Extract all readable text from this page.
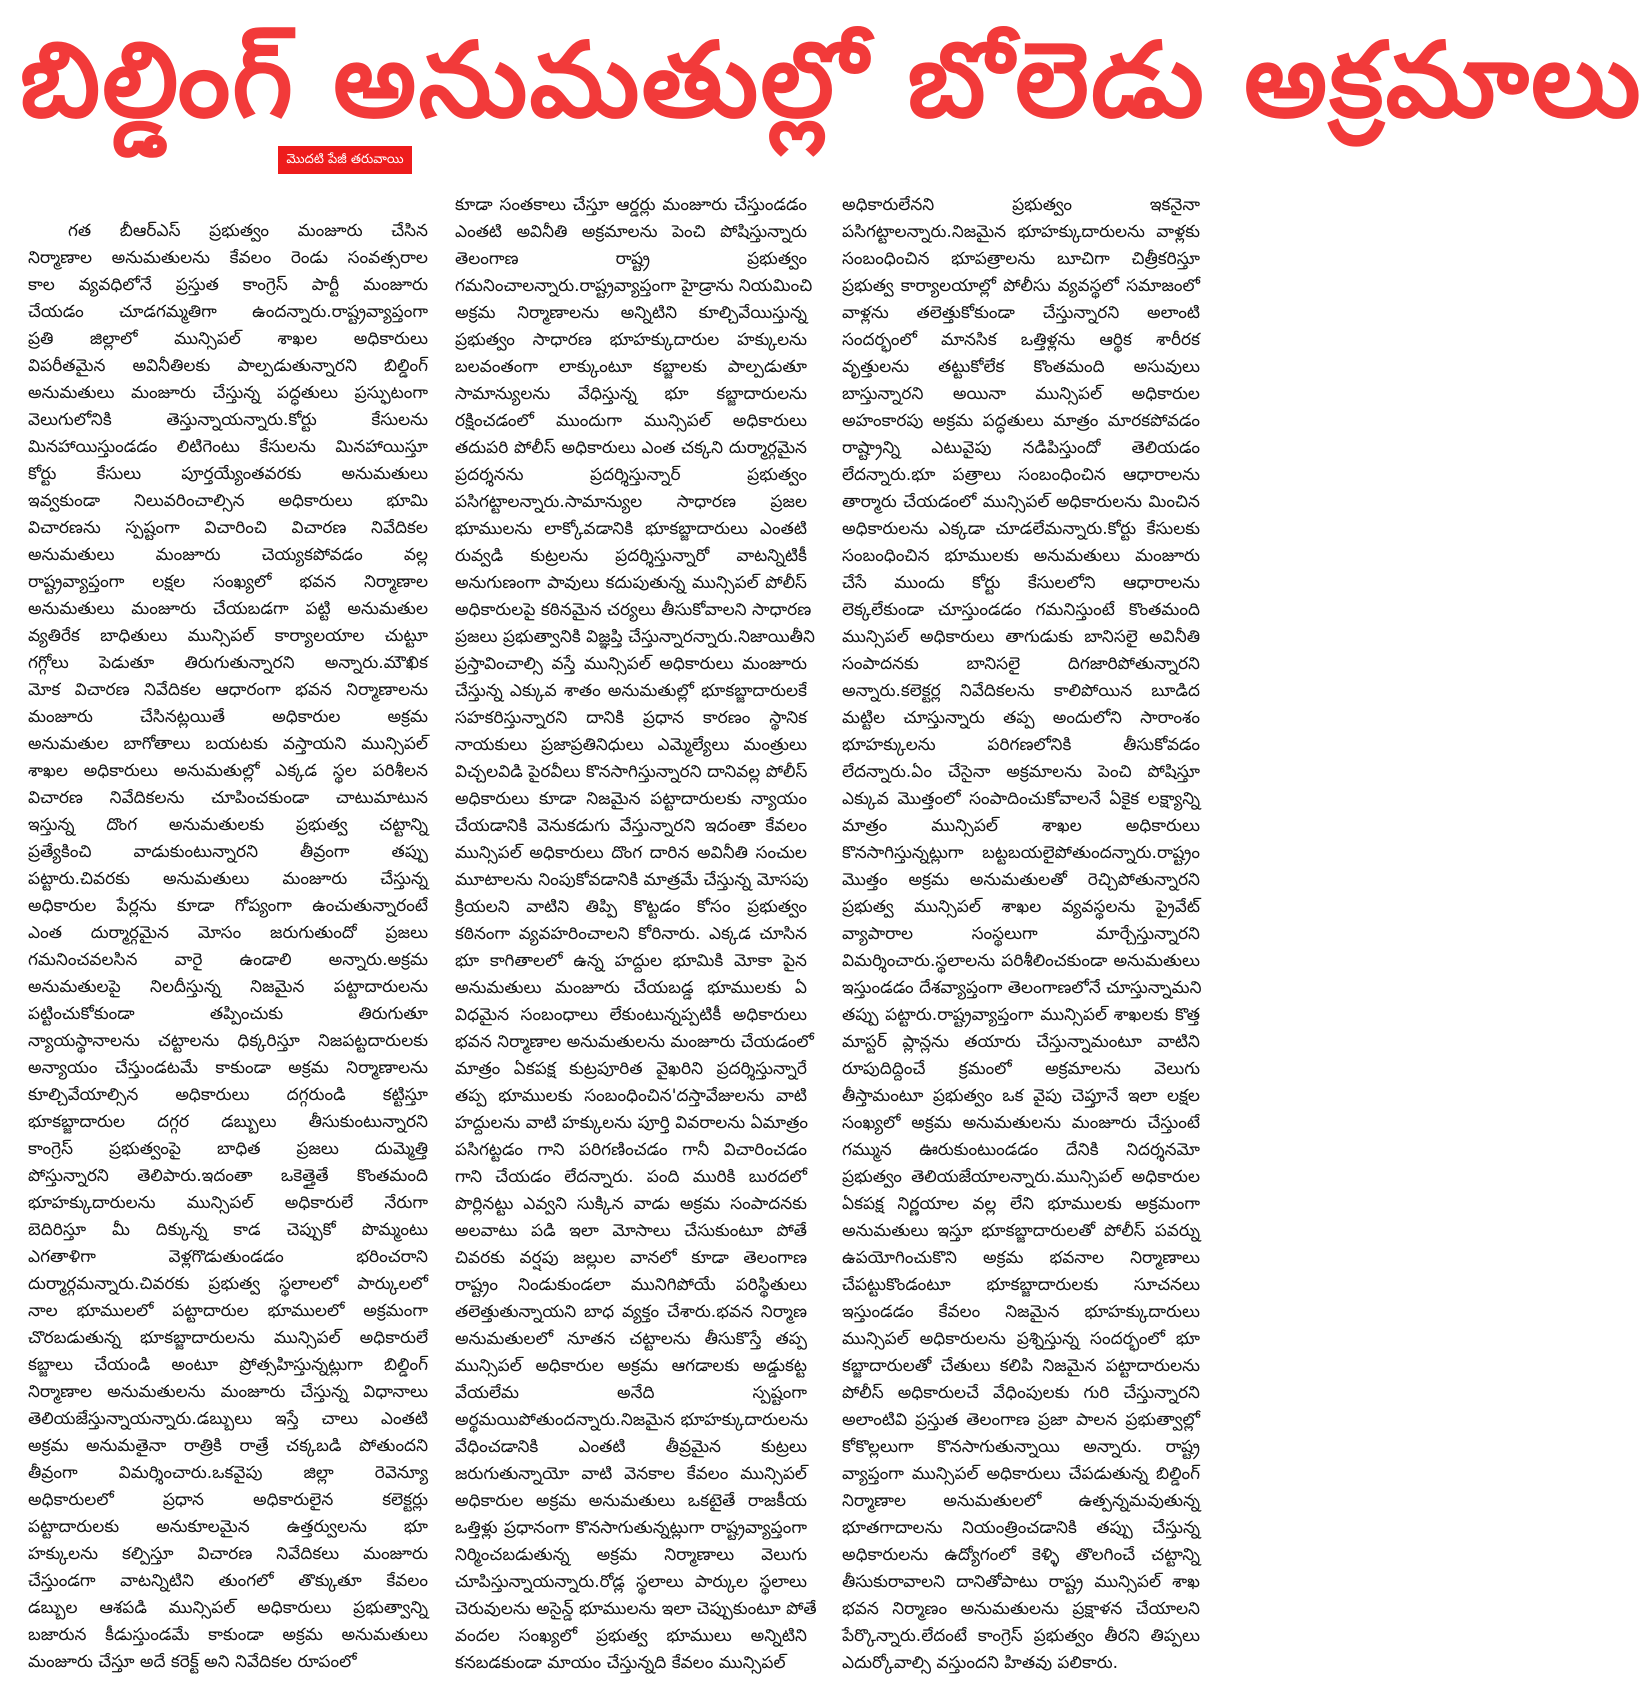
బిల్డింగ్ అనుమతుల్లో బోలెడు అక్రమాలు
మొదటి పేజీ తరువాయి
గత బీఆర్ఎస్ ప్రభుత్వం మంజూరు చేసిన
నిర్మాణాల అనుమతులను కేవలం రెండు సంవత్సరాల
కాల వ్యవధిలోనే ప్రస్తుత కాంగ్రెస్ పార్టీ మంజూరు
చేయడం చూడగమ్మతిగా ఉందన్నారు.రాష్ట్రవ్యాప్తంగా
ప్రతి జిల్లాలో మున్సిపల్ శాఖల అధికారులు
విపరీతమైన అవినీతిలకు పాల్పడుతున్నారని బిల్డింగ్
అనుమతులు మంజూరు చేస్తున్న పద్ధతులు ప్రస్ఫుటంగా
వెలుగులోనికి తెస్తున్నాయన్నారు.కోర్టు కేసులను
మినహాయిస్తుండడం లిటిగెంటు కేసులను మినహాయిస్తూ
కోర్టు కేసులు పూర్తయ్యేంతవరకు అనుమతులు
ఇవ్వకుండా నిలువరించాల్సిన అధికారులు భూమి
విచారణను స్పష్టంగా విచారించి విచారణ నివేదికల
అనుమతులు మంజూరు చెయ్యకపోవడం వల్ల
రాష్ట్రవ్యాప్తంగా లక్షల సంఖ్యలో భవన నిర్మాణాల
అనుమతులు మంజూరు చేయబడగా పట్టి అనుమతుల
వ్యతిరేక బాధితులు మున్సిపల్ కార్యాలయాల చుట్టూ
గగ్గోలు పెడుతూ తిరుగుతున్నారని అన్నారు.మౌఖిక
మోక విచారణ నివేదికల ఆధారంగా భవన నిర్మాణాలను
మంజూరు చేసినట్లయితే అధికారుల అక్రమ
అనుమతుల బాగోతాలు బయటకు వస్తాయని మున్సిపల్
శాఖల అధికారులు అనుమతుల్లో ఎక్కడ స్థల పరిశీలన
విచారణ నివేదికలను చూపించకుండా చాటుమాటున
ఇస్తున్న దొంగ అనుమతులకు ప్రభుత్వ చట్టాన్ని
ప్రత్యేకించి వాడుకుంటున్నారని తీవ్రంగా తప్పు
పట్టారు.చివరకు అనుమతులు మంజూరు చేస్తున్న
అధికారుల పేర్లను కూడా గోప్యంగా ఉంచుతున్నారంటే
ఎంత దుర్మార్గమైన మోసం జరుగుతుందో ప్రజలు
గమనించవలసిన వారై ఉండాలి అన్నారు.అక్రమ
అనుమతులపై నిలదీస్తున్న నిజమైన పట్టాదారులను
పట్టించుకోకుండా తప్పించుకు తిరుగుతూ
న్యాయస్థానాలను చట్టాలను ధిక్కరిస్తూ నిజపట్టదారులకు
అన్యాయం చేస్తుండటమే కాకుండా అక్రమ నిర్మాణాలను
కూల్చివేయాల్సిన అధికారులు దగ్గరుండి కట్టిస్తూ
భూకబ్జాదారుల దగ్గర డబ్బులు తీసుకుంటున్నారని
కాంగ్రెస్ ప్రభుత్వంపై బాధిత ప్రజలు దుమ్మెత్తి
పోస్తున్నారని తెలిపారు.ఇదంతా ఒకెత్తైతే కొంతమంది
భూహక్కుదారులను మున్సిపల్ అధికారులే నేరుగా
బెదిరిస్తూ మీ దిక్కున్న కాడ చెప్పుకో పొమ్మంటు
ఎగతాళిగా వెళ్లగొడుతుండడం భరించరాని
దుర్మార్గమన్నారు.చివరకు ప్రభుత్వ స్థలాలలో పార్కులలో
నాల భూములలో పట్టాదారుల భూములలో అక్రమంగా
చొరబడుతున్న భూకబ్జాదారులను మున్సిపల్ అధికారులే
కబ్జాలు చేయండి అంటూ ప్రోత్సహిస్తున్నట్లుగా బిల్డింగ్
నిర్మాణాల అనుమతులను మంజూరు చేస్తున్న విధానాలు
తెలియజేస్తున్నాయన్నారు.డబ్బులు ఇస్తే చాలు ఎంతటి
అక్రమ అనుమతైనా రాత్రికి రాత్రే చక్కబడి పోతుందని
తీవ్రంగా విమర్శించారు.ఒకవైపు జిల్లా రెవెన్యూ
అధికారులలో ప్రధాన అధికారులైన కలెక్టర్లు
పట్టాదారులకు అనుకూలమైన ఉత్తర్వులను భూ
హక్కులను కల్పిస్తూ విచారణ నివేదికలు మంజూరు
చేస్తుండగా వాటన్నిటిని తుంగలో తొక్కుతూ కేవలం
డబ్బుల ఆశపడి మున్సిపల్ అధికారులు ప్రభుత్వాన్ని
బజారున కీడుస్తుండమే కాకుండా అక్రమ అనుమతులు
మంజూరు చేస్తూ అదే కరెక్ట్ అని నివేదికల రూపంలో
కూడా సంతకాలు చేస్తూ ఆర్డర్లు మంజూరు చేస్తుండడం
ఎంతటి అవినీతి అక్రమాలను పెంచి పోషిస్తున్నారు
తెలంగాణ రాష్ట్ర ప్రభుత్వం
గమనించాలన్నారు.రాష్ట్రవ్యాప్తంగా హైడ్రాను నియమించి
అక్రమ నిర్మాణాలను అన్నిటిని కూల్చివేయిస్తున్న
ప్రభుత్వం సాధారణ భూహక్కుదారుల హక్కులను
బలవంతంగా లాక్కుంటూ కబ్జాలకు పాల్పడుతూ
సామాన్యులను వేధిస్తున్న భూ కబ్జాదారులను
రక్షించడంలో ముందుగా మున్సిపల్ అధికారులు
తదుపరి పోలీస్ అధికారులు ఎంత చక్కని దుర్మార్గమైన
ప్రదర్శనను ప్రదర్శిస్తున్నార్ ప్రభుత్వం
పసిగట్టాలన్నారు.సామాన్యుల సాధారణ ప్రజల
భూములను లాక్కోవడానికి భూకబ్జాదారులు ఎంతటి
రువ్వడి కుట్రలను ప్రదర్శిస్తున్నారో వాటన్నిటికీ
అనుగుణంగా పావులు కదుపుతున్న మున్సిపల్ పోలీస్
అధికారులపై కఠినమైన చర్యలు తీసుకోవాలని సాధారణ
ప్రజలు ప్రభుత్వానికి విజ్ఞప్తి చేస్తున్నారన్నారు.నిజాయితీని
ప్రస్తావించాల్సి వస్తే మున్సిపల్ అధికారులు మంజూరు
చేస్తున్న ఎక్కువ శాతం అనుమతుల్లో భూకబ్జాదారులకే
సహకరిస్తున్నారని దానికి ప్రధాన కారణం స్థానిక
నాయకులు ప్రజాప్రతినిధులు ఎమ్మెల్యేలు మంత్రులు
విచ్చలవిడి పైరవీలు కొనసాగిస్తున్నారని దానివల్ల పోలీస్
అధికారులు కూడా నిజమైన పట్టాదారులకు న్యాయం
చేయడానికి వెనుకడుగు వేస్తున్నారని ఇదంతా కేవలం
మున్సిపల్ అధికారులు దొంగ దారిన అవినీతి సంచుల
మూటాలను నింపుకోవడానికి మాత్రమే చేస్తున్న మోసపు
క్రియలని వాటిని తిప్పి కొట్టడం కోసం ప్రభుత్వం
కఠినంగా వ్యవహరించాలని కోరినారు. ఎక్కడ చూసిన
భూ కాగితాలలో ఉన్న హద్దుల భూమికి మోకా పైన
అనుమతులు మంజూరు చేయబడ్డ భూములకు ఏ
విధమైన సంబంధాలు లేకుంటున్నప్పటికీ అధికారులు
భవన నిర్మాణాల అనుమతులను మంజూరు చేయడంలో
మాత్రం ఏకపక్ష కుట్రపూరిత వైఖరిని ప్రదర్శిస్తున్నారే
తప్ప భూములకు సంబంధించిన'దస్తావేజులను వాటి
హద్దులను వాటి హక్కులను పూర్తి వివరాలను ఏమాత్రం
పసిగట్టడం గాని పరిగణించడం గానీ విచారించడం
గాని చేయడం లేదన్నారు. పంది మురికి బురదలో
పొర్లినట్టు ఎవ్వని సుక్కిన వాడు అక్రమ సంపాదనకు
అలవాటు పడి ఇలా మోసాలు చేసుకుంటూ పోతే
చివరకు వర్షపు జల్లుల వానలో కూడా తెలంగాణ
రాష్ట్రం నిండుకుండలా మునిగిపోయే పరిస్థితులు
తలెత్తుతున్నాయని బాధ వ్యక్తం చేశారు.భవన నిర్మాణ
అనుమతులలో నూతన చట్టాలను తీసుకొస్తే తప్ప
మున్సిపల్ అధికారుల అక్రమ ఆగడాలకు అడ్డుకట్ట
వేయలేమ అనేది స్పష్టంగా
అర్థమయిపోతుందన్నారు.నిజమైన భూహక్కుదారులను
వేధించడానికి ఎంతటి తీవ్రమైన కుట్రలు
జరుగుతున్నాయో వాటి వెనకాల కేవలం మున్సిపల్
అధికారుల అక్రమ అనుమతులు ఒకటైతే రాజకీయ
ఒత్తిళ్లు ప్రధానంగా కొనసాగుతున్నట్లుగా రాష్ట్రవ్యాప్తంగా
నిర్మించబడుతున్న అక్రమ నిర్మాణాలు వెలుగు
చూపిస్తున్నాయన్నారు.రోడ్ల స్థలాలు పార్కుల స్థలాలు
చెరువులను అసైన్డ్ భూములను ఇలా చెప్పుకుంటూ పోతే
వందల సంఖ్యలో ప్రభుత్వ భూములు అన్నిటిని
కనబడకుండా మాయం చేస్తున్నది కేవలం మున్సిపల్
అధికారులేనని ప్రభుత్వం ఇకనైనా
పసిగట్టాలన్నారు.నిజమైన భూహక్కుదారులను వాళ్లకు
సంబంధించిన భూపత్రాలను బూచిగా చిత్రీకరిస్తూ
ప్రభుత్వ కార్యాలయాల్లో పోలీసు వ్యవస్థలో సమాజంలో
వాళ్లను తలెత్తుకోకుండా చేస్తున్నారని అలాంటి
సందర్భంలో మానసిక ఒత్తిళ్లను ఆర్థిక శారీరక
వృత్తులను తట్టుకోలేక కొంతమంది అసువులు
బాస్తున్నారని అయినా మున్సిపల్ అధికారుల
అహంకారపు అక్రమ పద్ధతులు మాత్రం మారకపోవడం
రాష్ట్రాన్ని ఎటువైపు నడిపిస్తుందో తెలియడం
లేదన్నారు.భూ పత్రాలు సంబంధించిన ఆధారాలను
తార్మారు చేయడంలో మున్సిపల్ అధికారులను మించిన
అధికారులను ఎక్కడా చూడలేమన్నారు.కోర్టు కేసులకు
సంబంధించిన భూములకు అనుమతులు మంజూరు
చేసే ముందు కోర్టు కేసులలోని ఆధారాలను
లెక్కలేకుండా చూస్తుండడం గమనిస్తుంటే కొంతమంది
మున్సిపల్ అధికారులు తాగుడుకు బానిసలై అవినీతి
సంపాదనకు బానిసలై దిగజారిపోతున్నారని
అన్నారు.కలెక్టర్ల నివేదికలను కాలిపోయిన బూడిద
మట్టిల చూస్తున్నారు తప్ప అందులోని సారాంశం
భూహక్కులను పరిగణలోనికి తీసుకోవడం
లేదన్నారు.ఏం చేసైనా అక్రమాలను పెంచి పోషిస్తూ
ఎక్కువ మొత్తంలో సంపాదించుకోవాలనే ఏకైక లక్ష్యాన్ని
మాత్రం మున్సిపల్ శాఖల అధికారులు
కొనసాగిస్తున్నట్లుగా బట్టబయలైపోతుందన్నారు.రాష్ట్రం
మొత్తం అక్రమ అనుమతులతో రెచ్చిపోతున్నారని
ప్రభుత్వ మున్సిపల్ శాఖల వ్యవస్థలను ప్రైవేట్
వ్యాపారాల సంస్థలుగా మార్చేస్తున్నారని
విమర్శించారు.స్థలాలను పరిశీలించకుండా అనుమతులు
ఇస్తుండడం దేశవ్యాప్తంగా తెలంగాణలోనే చూస్తున్నామని
తప్పు పట్టారు.రాష్ట్రవ్యాప్తంగా మున్సిపల్ శాఖలకు కొత్త
మాస్టర్ ప్లాన్లను తయారు చేస్తున్నామంటూ వాటిని
రూపుదిద్దించే క్రమంలో అక్రమాలను వెలుగు
తీస్తామంటూ ప్రభుత్వం ఒక వైపు చెప్తూనే ఇలా లక్షల
సంఖ్యలో అక్రమ అనుమతులను మంజూరు చేస్తుంటే
గమ్మున ఊరుకుంటుండడం దేనికి నిదర్శనమో
ప్రభుత్వం తెలియజేయాలన్నారు.మున్సిపల్ అధికారుల
ఏకపక్ష నిర్ణయాల వల్ల లేని భూములకు అక్రమంగా
అనుమతులు ఇస్తూ భూకబ్జాదారులతో పోలీస్ పవర్ను
ఉపయోగించుకొని అక్రమ భవనాల నిర్మాణాలు
చేపట్టుకొండంటూ భూకబ్జాదారులకు సూచనలు
ఇస్తుండడం కేవలం నిజమైన భూహక్కుదారులు
మున్సిపల్ అధికారులను ప్రశ్నిస్తున్న సందర్భంలో భూ
కబ్జాదారులతో చేతులు కలిపి నిజమైన పట్టాదారులను
పోలీస్ అధికారులచే వేధింపులకు గురి చేస్తున్నారని
అలాంటివి ప్రస్తుత తెలంగాణ ప్రజా పాలన ప్రభుత్వాల్లో
కోకొల్లలుగా కొనసాగుతున్నాయి అన్నారు. రాష్ట్ర
వ్యాప్తంగా మున్సిపల్ అధికారులు చేపడుతున్న బిల్డింగ్
నిర్మాణాల అనుమతులలో ఉత్పన్నమవుతున్న
భూతగాదాలను నియంత్రించడానికి తప్పు చేస్తున్న
అధికారులను ఉద్యోగంలో కెళ్ళి తొలగించే చట్టాన్ని
తీసుకురావాలని దానితోపాటు రాష్ట్ర మున్సిపల్ శాఖ
భవన నిర్మాణం అనుమతులను ప్రక్షాళన చేయాలని
పేర్కొన్నారు.లేదంటే కాంగ్రెస్ ప్రభుత్వం తీరని తిప్పలు
ఎదుర్కోవాల్సి వస్తుందని హితవు పలికారు.
